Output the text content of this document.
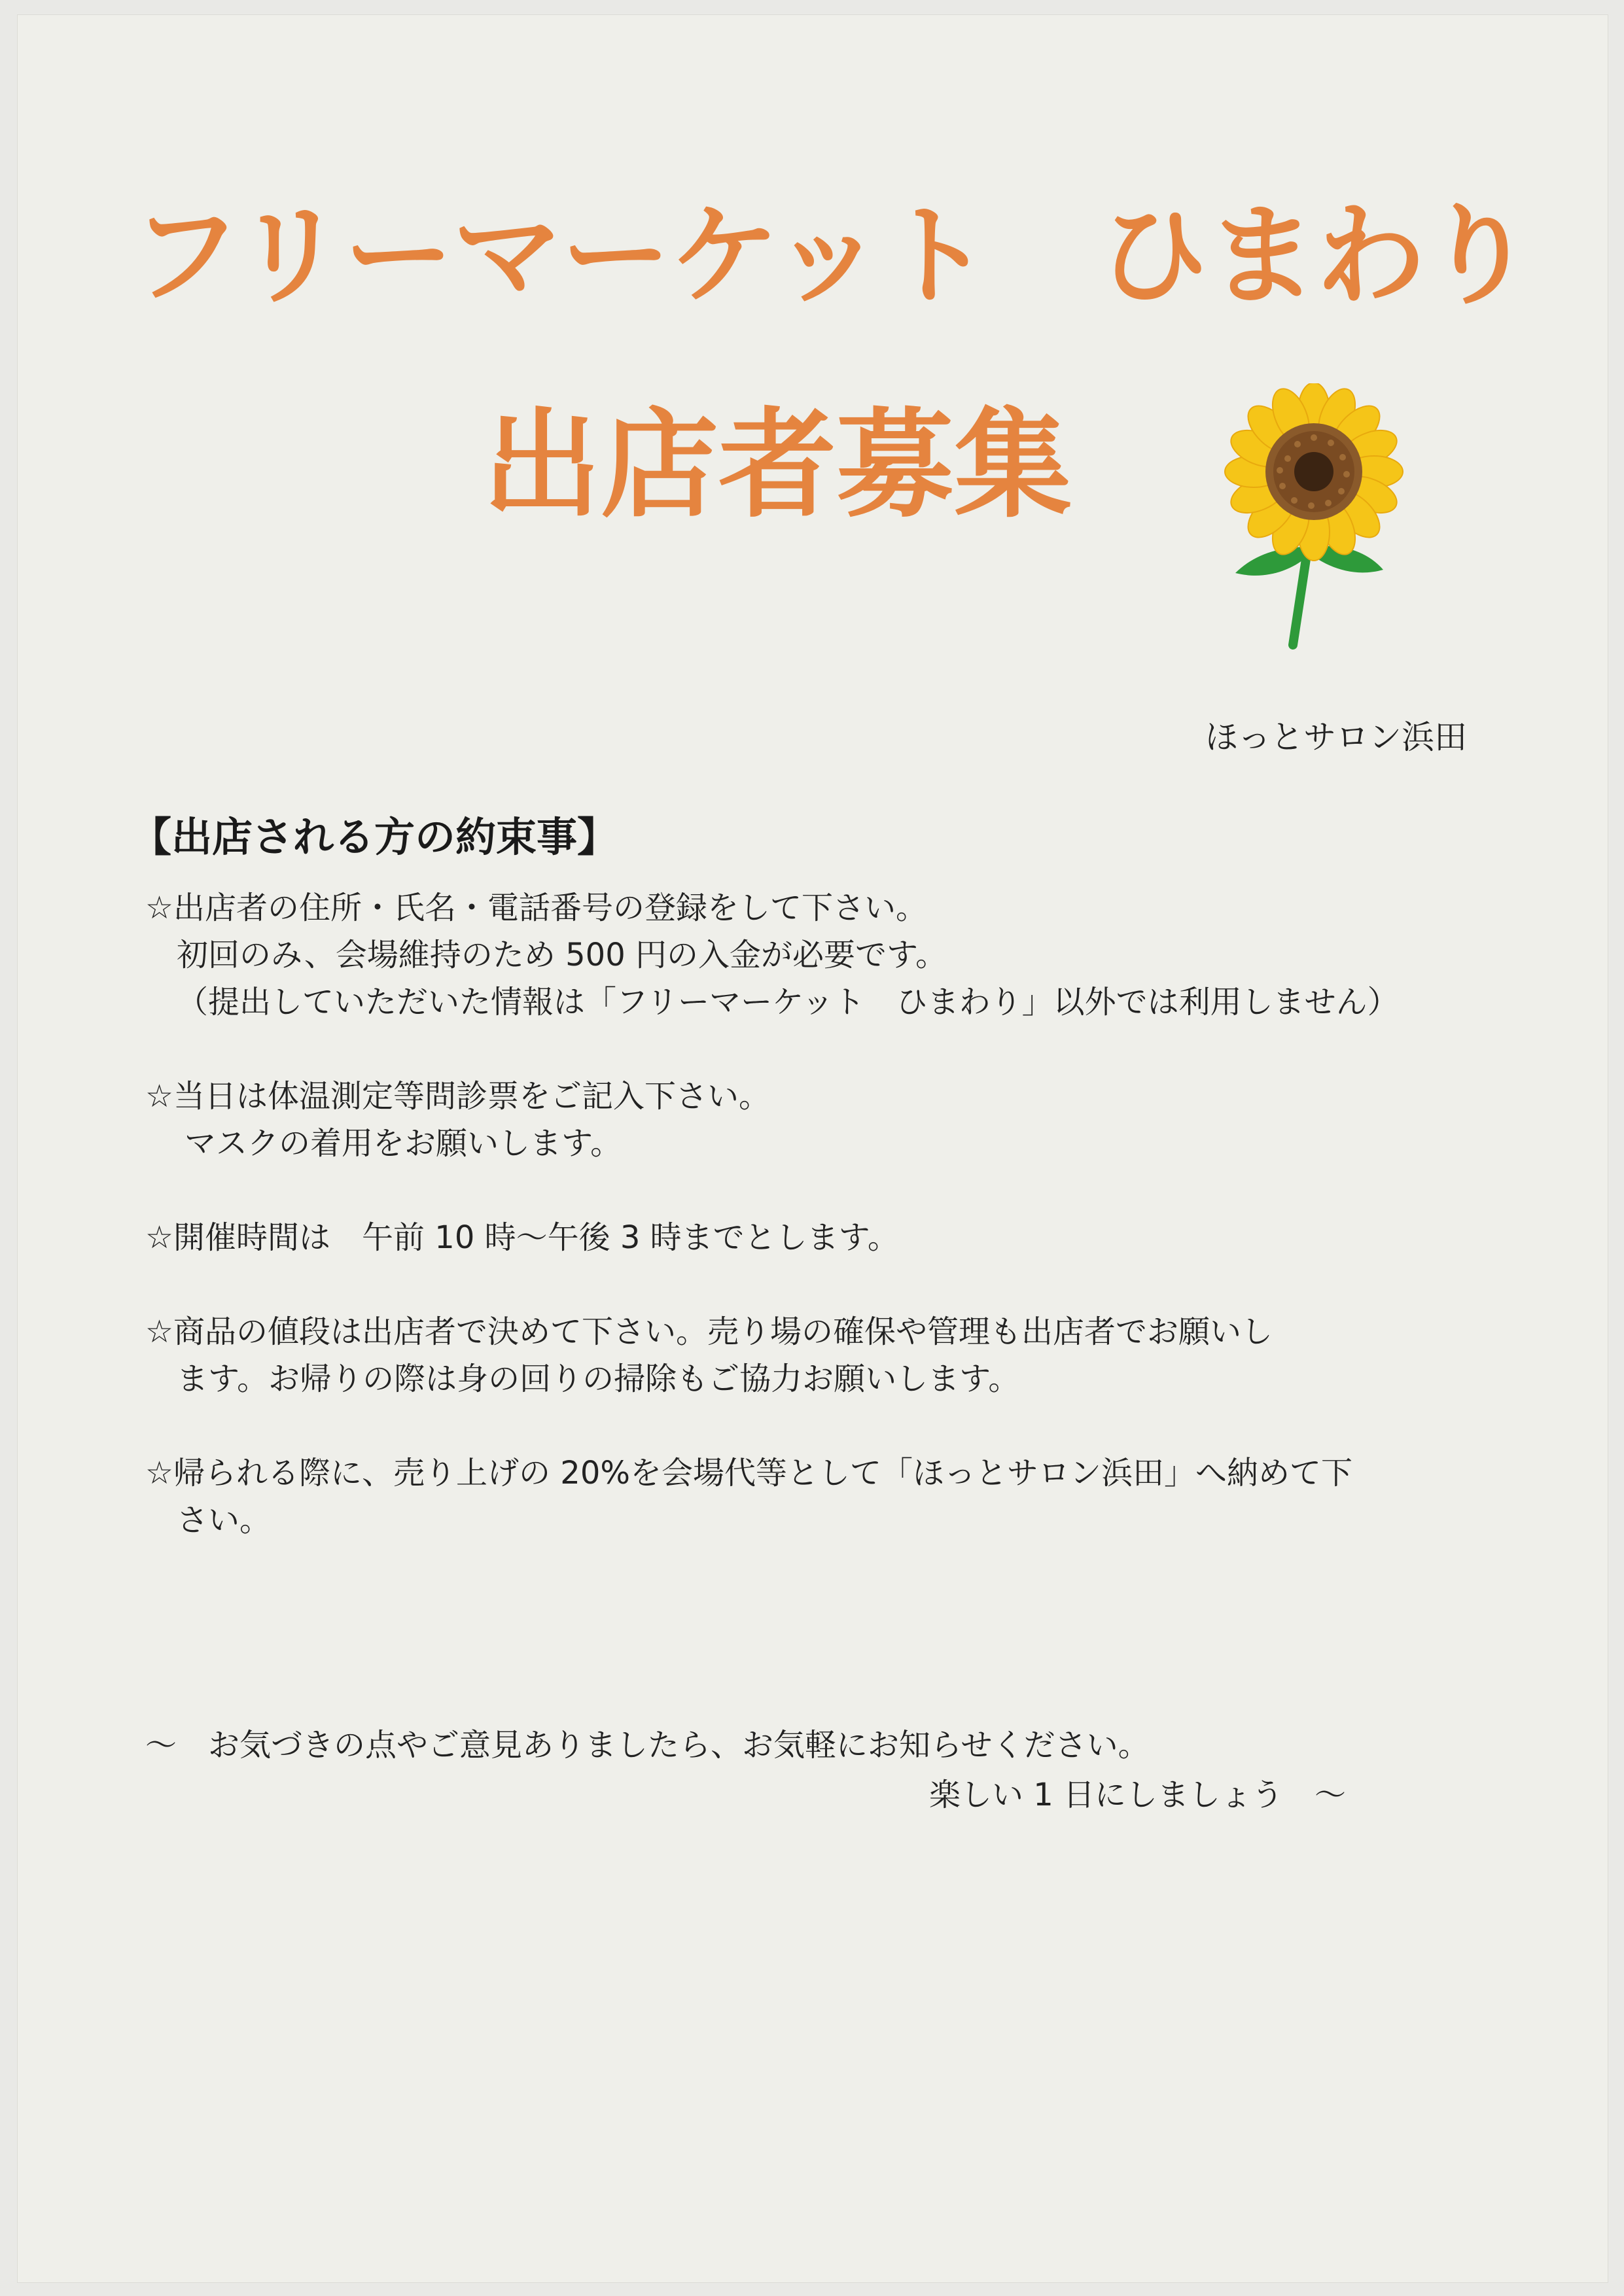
フリーマーケット　ひまわり
出店者募集
ほっとサロン浜田
【出店される方の約束事】
☆出店者の住所・氏名・電話番号の登録をして下さい。
初回のみ、会場維持のため 500 円の入金が必要です。
（提出していただいた情報は「フリーマーケット　ひまわり」以外では利用しません）
☆当日は体温測定等問診票をご記入下さい。
マスクの着用をお願いします。
☆開催時間は　午前 10 時～午後 3 時までとします。
☆商品の値段は出店者で決めて下さい。売り場の確保や管理も出店者でお願いし
ます。お帰りの際は身の回りの掃除もご協力お願いします。
☆帰られる際に、売り上げの 20%を会場代等として「ほっとサロン浜田」へ納めて下
さい。
～　お気づきの点やご意見ありましたら、お気軽にお知らせください。
楽しい 1 日にしましょう　～
